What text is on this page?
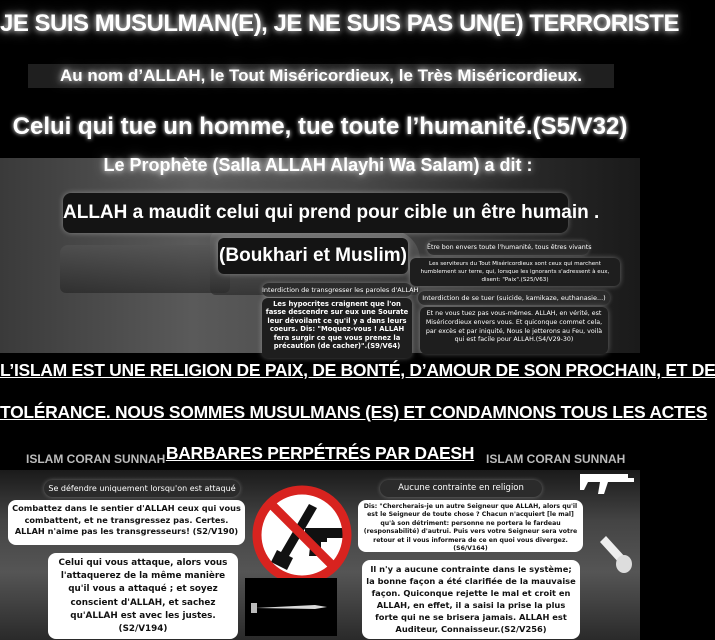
JE SUIS MUSULMAN(E), JE NE SUIS PAS UN(E) TERRORISTE
Au nom d’ALLAH, le Tout Miséricordieux, le Très Miséricordieux.
Celui qui tue un homme, tue toute l’humanité.(S5/V32)
Le Prophète (Salla ALLAH Alayhi Wa Salam) a dit :
ALLAH a maudit celui qui prend pour cible un être humain .
(Boukhari et Muslim)
Interdiction de transgresser les paroles d'ALLAH
Les hypocrites craignent que l'on fasse descendre sur eux une Sourate leur dévoilant ce qu'il y a dans leurs coeurs. Dis: "Moquez-vous ! ALLAH fera surgir ce que vous prenez la précaution (de cacher)".(S9/V64)
Être bon envers toute l'humanité, tous êtres vivants
Les serviteurs du Tout Miséricordieux sont ceux qui marchent humblement sur terre, qui, lorsque les ignorants s'adressent à eux, disent: "Paix".(S25/V63)
Interdiction de se tuer (suicide, kamikaze, euthanasie...)
Et ne vous tuez pas vous-mêmes. ALLAH, en vérité, est Miséricordieux envers vous. Et quiconque commet cela, par excès et par iniquité, Nous le jetterons au Feu, voilà qui est facile pour ALLAH.(S4/V29-30)
L’ISLAM EST UNE RELIGION DE PAIX, DE BONTÉ, D’AMOUR DE SON PROCHAIN, ET DE
TOLÉRANCE. NOUS SOMMES MUSULMANS (ES) ET CONDAMNONS TOUS LES ACTES
BARBARES PERPÉTRÉS PAR DAESH
ISLAM CORAN SUNNAH	ISLAM CORAN SUNNAH
Se défendre uniquement lorsqu'on est attaqué
Combattez dans le sentier d'ALLAH ceux qui vous combattent, et ne transgressez pas. Certes. ALLAH n'aime pas les transgresseurs! (S2/V190)
Celui qui vous attaque, alors vous l'attaquerez de la même manière qu'il vous a attaqué ; et soyez conscient d'ALLAH, et sachez qu'ALLAH est avec les justes. (S2/V194)
Aucune contrainte en religion
Dis: "Chercherais-je un autre Seigneur que ALLAH, alors qu'il est le Seigneur de toute chose ? Chacun n'acquiert [le mal] qu'à son détriment: personne ne portera le fardeau (responsabilité) d'autrui. Puis vers votre Seigneur sera votre retour et il vous informera de ce en quoi vous divergez. (S6/V164)
Il n'y a aucune contrainte dans le système; la bonne façon a été clarifiée de la mauvaise façon. Quiconque rejette le mal et croit en ALLAH, en effet, il a saisi la prise la plus forte qui ne se brisera jamais. ALLAH est Auditeur, Connaisseur.(S2/V256)
